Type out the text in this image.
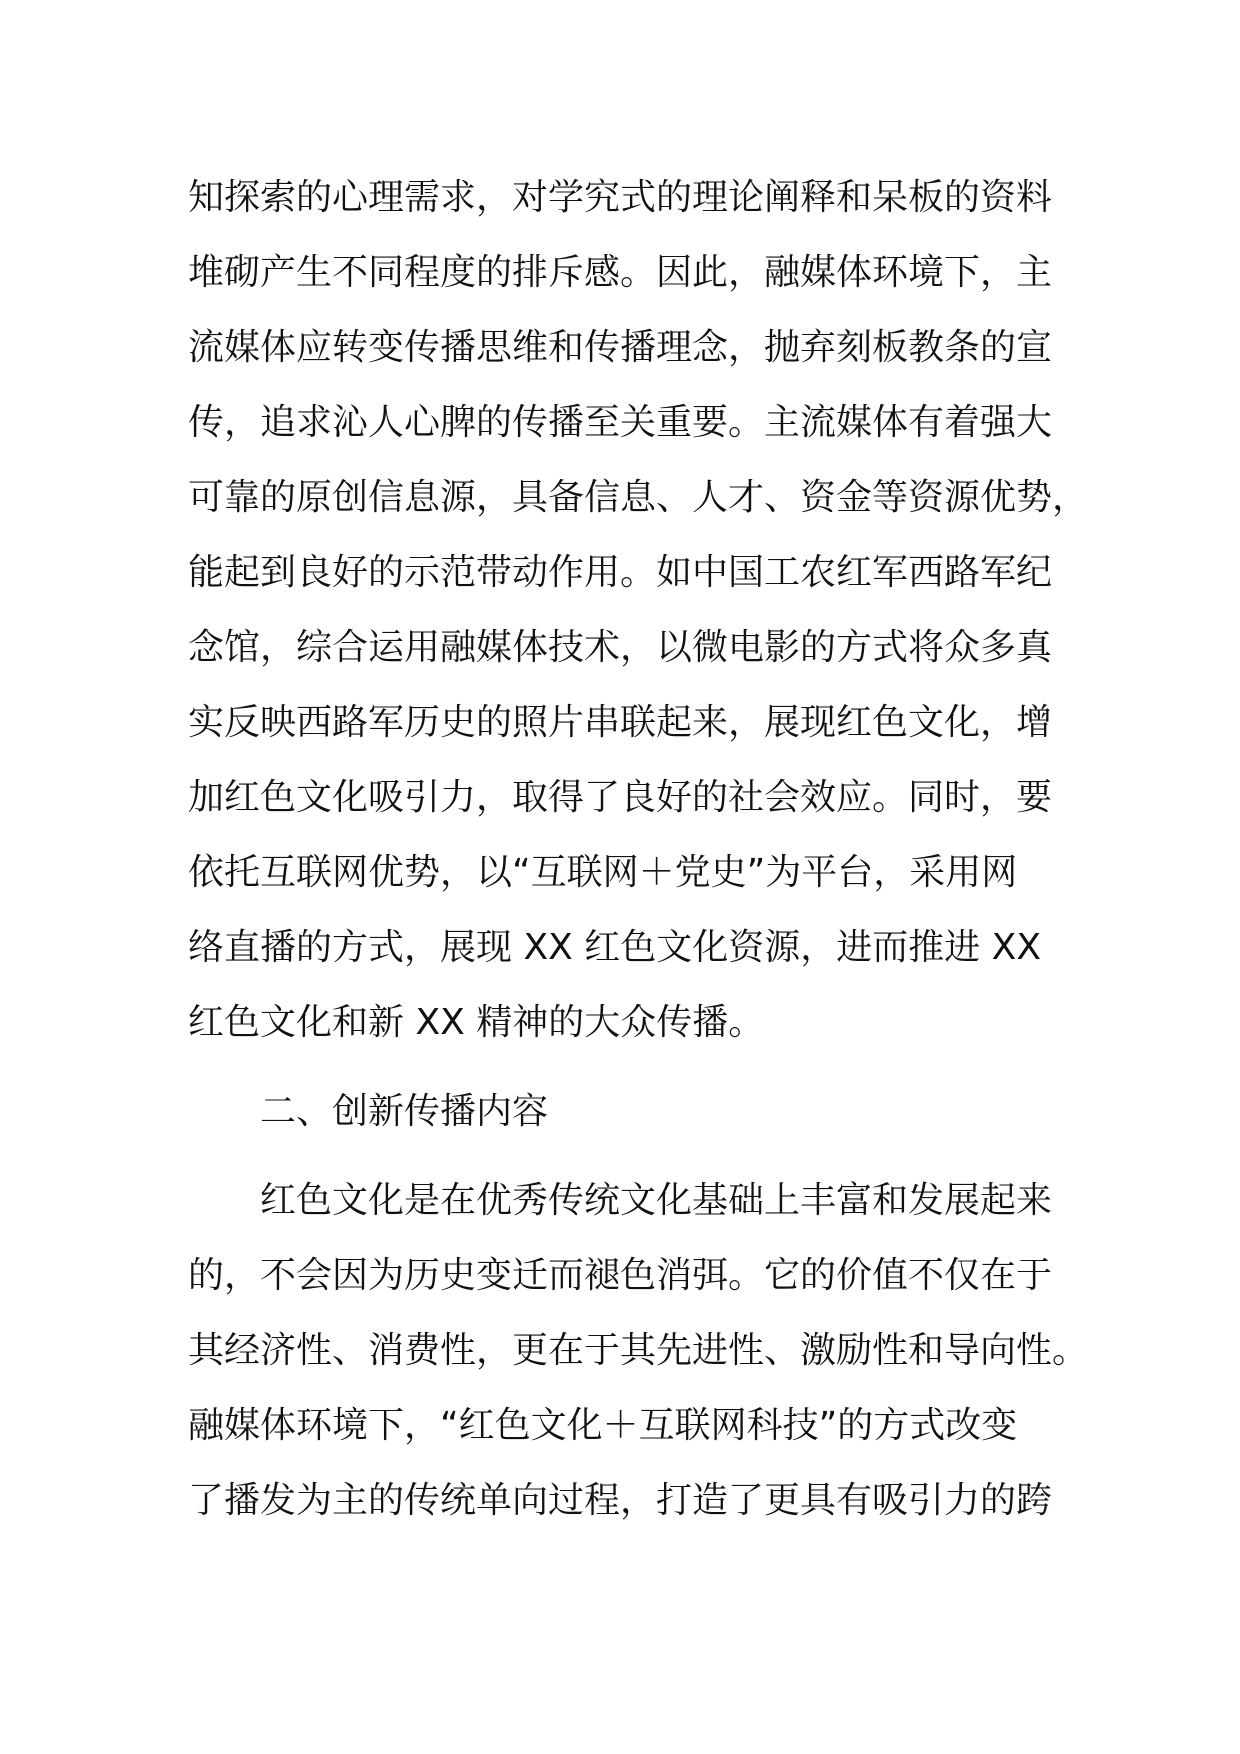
知探索的心理需求，对学究式的理论阐释和呆板的资料
堆砌产生不同程度的排斥感。因此，融媒体环境下，主
流媒体应转变传播思维和传播理念，抛弃刻板教条的宣
传，追求沁人心脾的传播至关重要。主流媒体有着强大
可靠的原创信息源，具备信息、人才、资金等资源优势，
能起到良好的示范带动作用。如中国工农红军西路军纪
念馆，综合运用融媒体技术，以微电影的方式将众多真
实反映西路军历史的照片串联起来，展现红色文化，增
加红色文化吸引力，取得了良好的社会效应。同时，要
依托互联网优势，以“互联网＋党史”为平台，采用网
络直播的方式，展现 XX 红色文化资源，进而推进 XX
红色文化和新 XX 精神的大众传播。
二、创新传播内容
红色文化是在优秀传统文化基础上丰富和发展起来
的，不会因为历史变迁而褪色消弭。它的价值不仅在于
其经济性、消费性，更在于其先进性、激励性和导向性。
融媒体环境下，“红色文化＋互联网科技”的方式改变
了播发为主的传统单向过程，打造了更具有吸引力的跨
